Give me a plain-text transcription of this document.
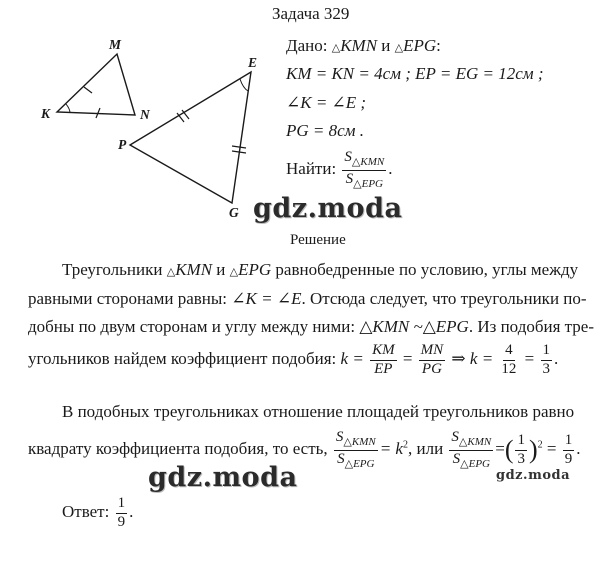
Задача 329
M
K	N
E
P
G
Дано: △KMN и △EPG:
KM = KN = 4см ; EP = EG = 12см ;
∠K = ∠E ;
PG = 8см .
Найти: $\frac{S_{\triangle KMN}}{S_{\triangle EPG}}$ .
gdz.moda
Решение
Треугольники △KMN и △EPG равнобедренные по условию, углы между
равными сторонами равны: ∠K = ∠E. Отсюда следует, что треугольники по-
добны по двум сторонам и углу между ними: △KMN ~△EPG. Из подобия тре-
угольников найдем коэффициент подобия: $k = \frac{KM}{EP} = \frac{MN}{PG}$ ⇒ $k = \frac{4}{12} = \frac{1}{3}$ .
В подобных треугольниках отношение площадей треугольников равно
квадрату коэффициента подобия, то есть, $\frac{S_{\triangle KMN}}{S_{\triangle EPG}} = k^2$, или $\frac{S_{\triangle KMN}}{S_{\triangle EPG}}$ =( $\frac{1}{3} )^2 = \frac{1}{9}$ .
gdz.moda	gdz.moda
Ответ: $\frac{1}{9}$ .
